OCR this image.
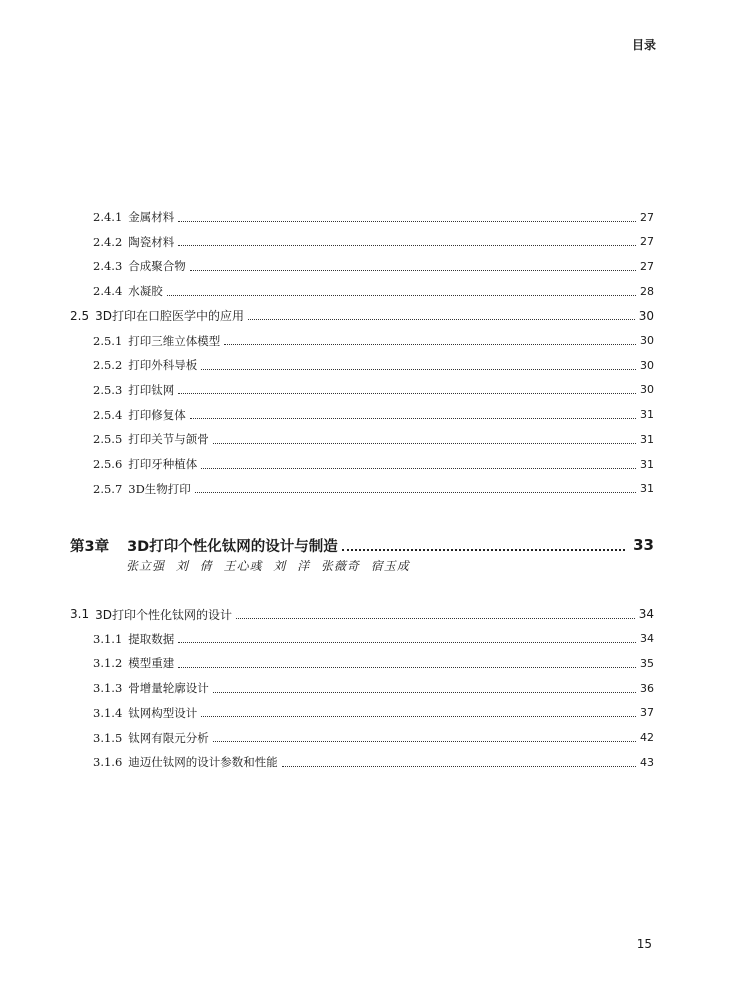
目录
2.4.1 金属材料	27
2.4.2 陶瓷材料	27
2.4.3 合成聚合物	27
2.4.4 水凝胶	28
2.5 3D打印在口腔医学中的应用	30
2.5.1 打印三维立体模型	30
2.5.2 打印外科导板	30
2.5.3 打印钛网	30
2.5.4 打印修复体	31
2.5.5 打印关节与颌骨	31
2.5.6 打印牙种植体	31
2.5.7 3D生物打印	31
第3章 3D打印个性化钛网的设计与制造	33
张立强 刘 倩 王心彧 刘 洋 张薇奇 宿玉成
3.1 3D打印个性化钛网的设计	34
3.1.1 提取数据	34
3.1.2 模型重建	35
3.1.3 骨增量轮廓设计	36
3.1.4 钛网构型设计	37
3.1.5 钛网有限元分析	42
3.1.6 迪迈仕钛网的设计参数和性能	43
15
